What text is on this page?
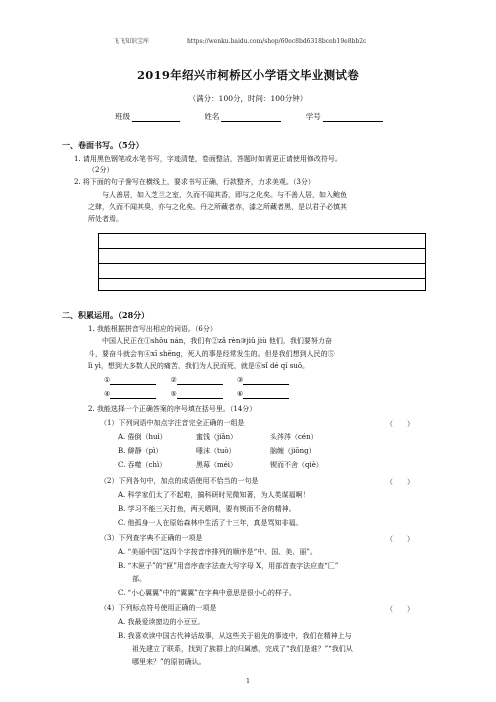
飞飞知识宝库	https://wenku.baidu.com/shop/60ec8bd6318bceb19e8bb2c
2019年绍兴市柯桥区小学语文毕业测试卷
（满分：100分，时间：100分钟）
班级	姓名	学号
一、卷面书写。（5分）
1. 请用黑色钢笔或水笔书写，字迹清楚，卷面整洁，答题时如需更正请使用修改符号。
（2分）
2. 将下面的句子誊写在横线上，要求书写正确，行款整齐，力求美观。（3分）
与人善居，如入芝兰之室，久而不闻其香，即与之化矣。与不善人居，如入鲍鱼
之肆，久而不闻其臭，亦与之化矣。丹之所藏者赤，漆之所藏者黑，是以君子必慎其
所处者焉。
二、积累运用。（28分）
1. 我能根据拼音写出相应的词语。（6分）
中国人民正在①shǒu nán，我们有②zǎ rèn③jiǔ jiù 他们，我们要努力奋
斗，要奋斗就会有④xī shēng，死人的事是经常发生的。但是我们想到人民的⑤
lì yì，想到大多数人民的痛苦，我们为人民而死，就是⑥sǐ dé qí suǒ。
①	②	③
④	⑤	⑥
2. 我能选择一个正确答案的序号填在括号里。（14分）
（1）下列词语中加点字注音完全正确的一组是	（　　）
A. 倦倒（huì）	蜜饯（jiǎn）	头涔涔（cén）
B. 僻静（pì）	唾沫（tuò）	脑缠（jiōng）
C. 吞噬（chì）	黑莓（méi）	锲而不舍（qiè）
（2）下列各句中，加点的成语使用不恰当的一句是	（　　）
A. 科学家们太了不起啦，搞科研时见微知著，为人类谋福啊！
B. 学习不能三天打鱼，两天晒网，要有锲而不舍的精神。
C. 他孤身一人在原始森林中生活了十三年，真是骂知非福。
（3）下列查字典不正确的一项是	（　　）
A. “美丽中国”这四个字按音序排列的顺序是“中、国、美、丽”。
B. “木匣子”的“匣”用音序查字法查大写字母 X，用部首查字法应查“匚”
部。
C. “小心翼翼”中的“翼翼”在字典中意思是很小心的样子。
（4）下列标点符号使用正确的一项是	（　　）
A. 我最爱读窗边的小豆豆。
B. 我喜欢读中国古代神话故事，从这些关于祖先的事迹中，我们在精神上与
祖先建立了联系，找到了族群上的归属感，完成了“我们是谁？”“我们从
哪里来？”的原初确认。
1
